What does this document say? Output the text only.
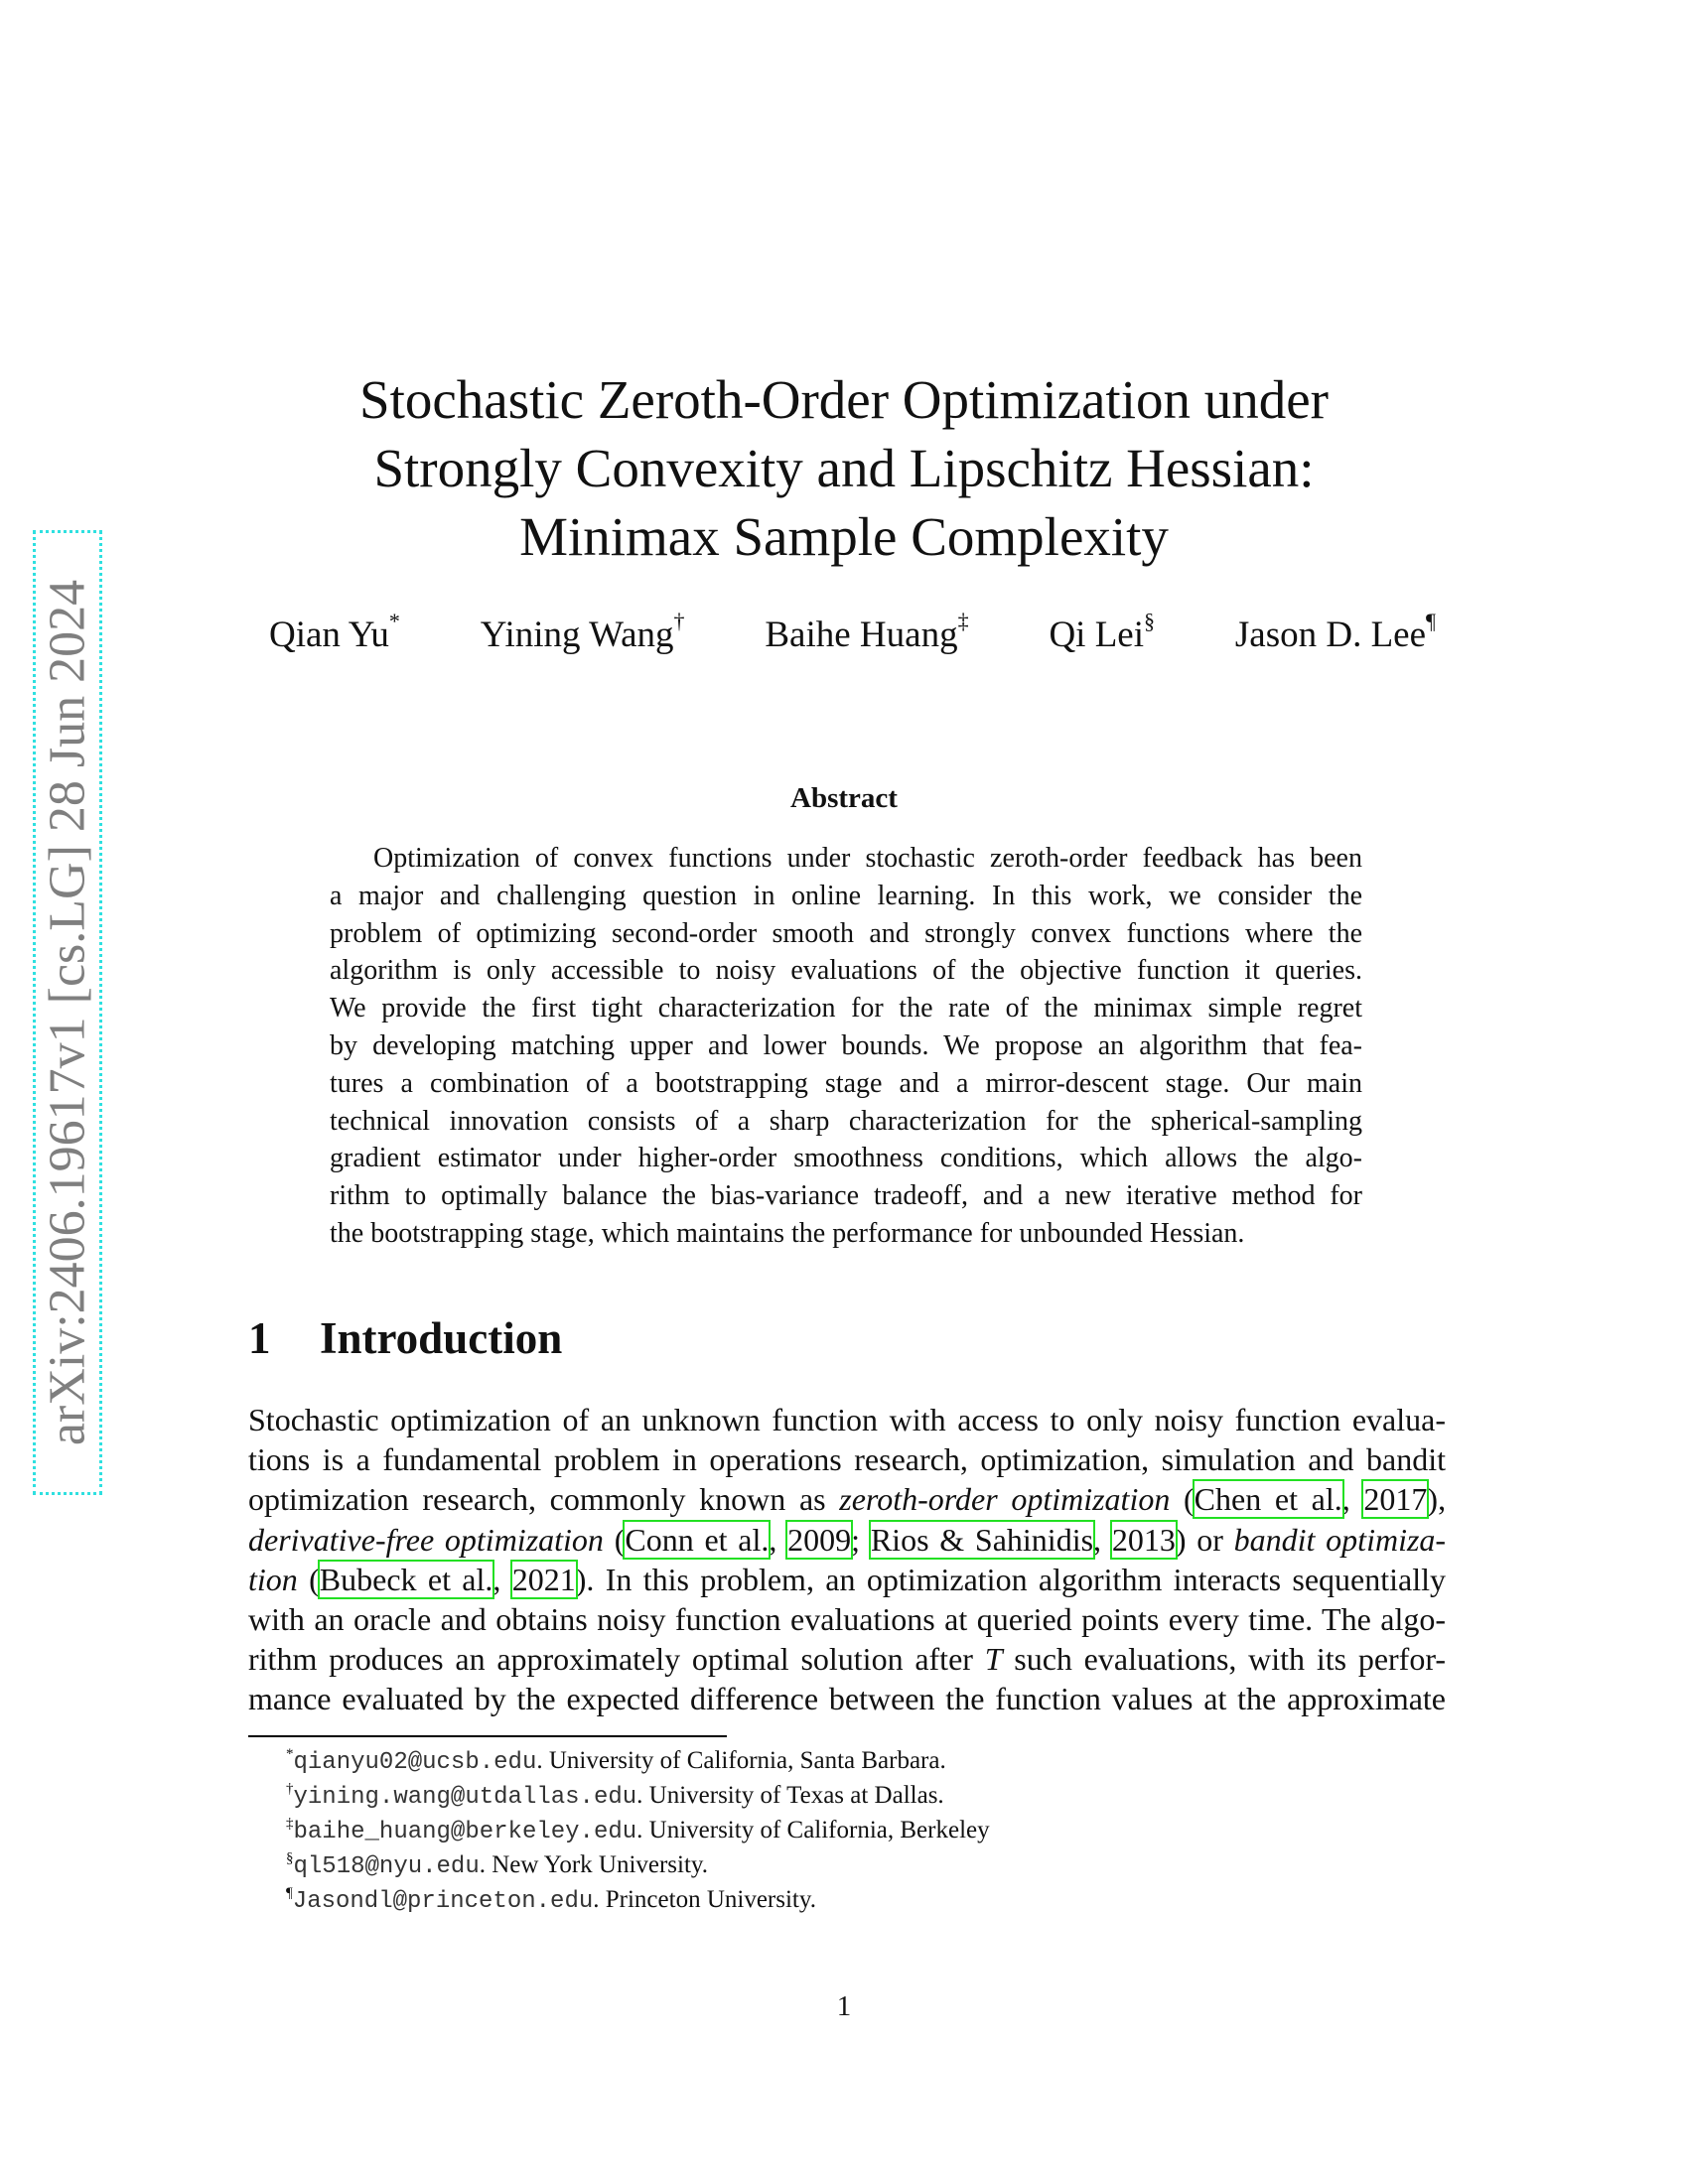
arXiv:2406.19617v1 [cs.LG] 28 Jun 2024
Stochastic Zeroth-Order Optimization under
Strongly Convexity and Lipschitz Hessian:
Minimax Sample Complexity
Qian Yu* Yining Wang† Baihe Huang‡ Qi Lei§ Jason D. Lee¶
Abstract
Optimization of convex functions under stochastic zeroth-order feedback has been
a major and challenging question in online learning. In this work, we consider the
problem of optimizing second-order smooth and strongly convex functions where the
algorithm is only accessible to noisy evaluations of the objective function it queries.
We provide the first tight characterization for the rate of the minimax simple regret
by developing matching upper and lower bounds. We propose an algorithm that fea-
tures a combination of a bootstrapping stage and a mirror-descent stage. Our main
technical innovation consists of a sharp characterization for the spherical-sampling
gradient estimator under higher-order smoothness conditions, which allows the algo-
rithm to optimally balance the bias-variance tradeoff, and a new iterative method for
the bootstrapping stage, which maintains the performance for unbounded Hessian.
1 Introduction
Stochastic optimization of an unknown function with access to only noisy function evalua-
tions is a fundamental problem in operations research, optimization, simulation and bandit
optimization research, commonly known as zeroth-order optimization (Chen et al., 2017),
derivative-free optimization (Conn et al., 2009; Rios & Sahinidis, 2013) or bandit optimiza-
tion (Bubeck et al., 2021). In this problem, an optimization algorithm interacts sequentially
with an oracle and obtains noisy function evaluations at queried points every time. The algo-
rithm produces an approximately optimal solution after T such evaluations, with its perfor-
mance evaluated by the expected difference between the function values at the approximate
*qianyu02@ucsb.edu. University of California, Santa Barbara.
†yining.wang@utdallas.edu. University of Texas at Dallas.
‡baihe_huang@berkeley.edu. University of California, Berkeley
§ql518@nyu.edu. New York University.
¶Jasondl@princeton.edu. Princeton University.
1
